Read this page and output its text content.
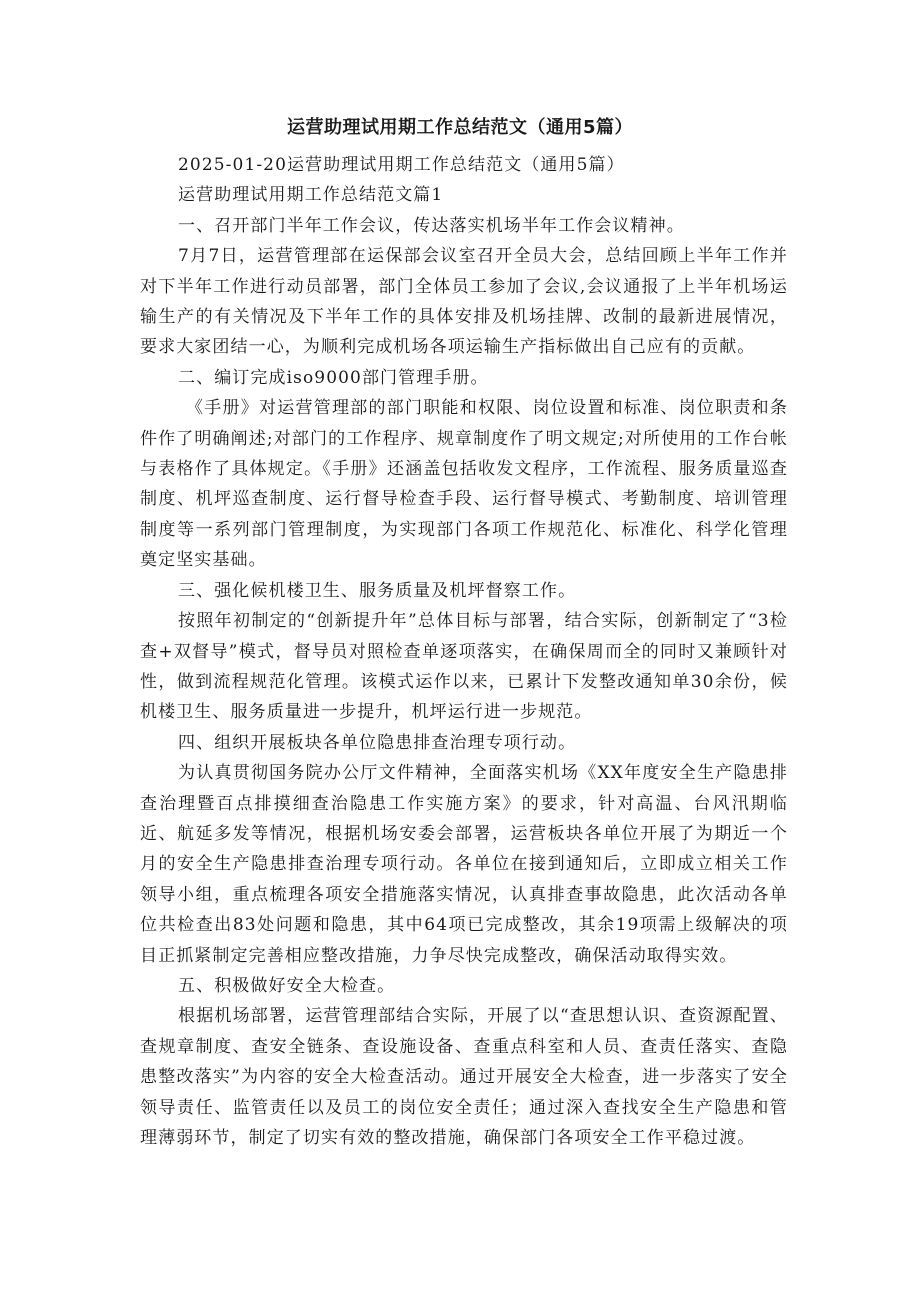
运营助理试用期工作总结范文（通用5篇）

2025-01-20运营助理试用期工作总结范文（通用5篇）

运营助理试用期工作总结范文篇1

一、召开部门半年工作会议，传达落实机场半年工作会议精神。

7月7日，运营管理部在运保部会议室召开全员大会，总结回顾上半年工作并对下半年工作进行动员部署，部门全体员工参加了会议,会议通报了上半年机场运输生产的有关情况及下半年工作的具体安排及机场挂牌、改制的最新进展情况，要求大家团结一心，为顺利完成机场各项运输生产指标做出自己应有的贡献。

二、编订完成iso9000部门管理手册。

《手册》对运营管理部的部门职能和权限、岗位设置和标准、岗位职责和条件作了明确阐述;对部门的工作程序、规章制度作了明文规定;对所使用的工作台帐与表格作了具体规定。《手册》还涵盖包括收发文程序，工作流程、服务质量巡查制度、机坪巡查制度、运行督导检查手段、运行督导模式、考勤制度、培训管理制度等一系列部门管理制度，为实现部门各项工作规范化、标准化、科学化管理奠定坚实基础。

三、强化候机楼卫生、服务质量及机坪督察工作。

按照年初制定的“创新提升年”总体目标与部署，结合实际，创新制定了“3检查+双督导”模式，督导员对照检查单逐项落实，在确保周而全的同时又兼顾针对性，做到流程规范化管理。该模式运作以来，已累计下发整改通知单30余份，候机楼卫生、服务质量进一步提升，机坪运行进一步规范。

四、组织开展板块各单位隐患排查治理专项行动。

为认真贯彻国务院办公厅文件精神，全面落实机场《XX年度安全生产隐患排查治理暨百点排摸细查治隐患工作实施方案》的要求，针对高温、台风汛期临近、航延多发等情况，根据机场安委会部署，运营板块各单位开展了为期近一个月的安全生产隐患排查治理专项行动。各单位在接到通知后，立即成立相关工作领导小组，重点梳理各项安全措施落实情况，认真排查事故隐患，此次活动各单位共检查出83处问题和隐患，其中64项已完成整改，其余19项需上级解决的项目正抓紧制定完善相应整改措施，力争尽快完成整改，确保活动取得实效。

五、积极做好安全大检查。

根据机场部署，运营管理部结合实际，开展了以“查思想认识、查资源配置、查规章制度、查安全链条、查设施设备、查重点科室和人员、查责任落实、查隐患整改落实”为内容的安全大检查活动。通过开展安全大检查，进一步落实了安全领导责任、监管责任以及员工的岗位安全责任；通过深入查找安全生产隐患和管理薄弱环节，制定了切实有效的整改措施，确保部门各项安全工作平稳过渡。
